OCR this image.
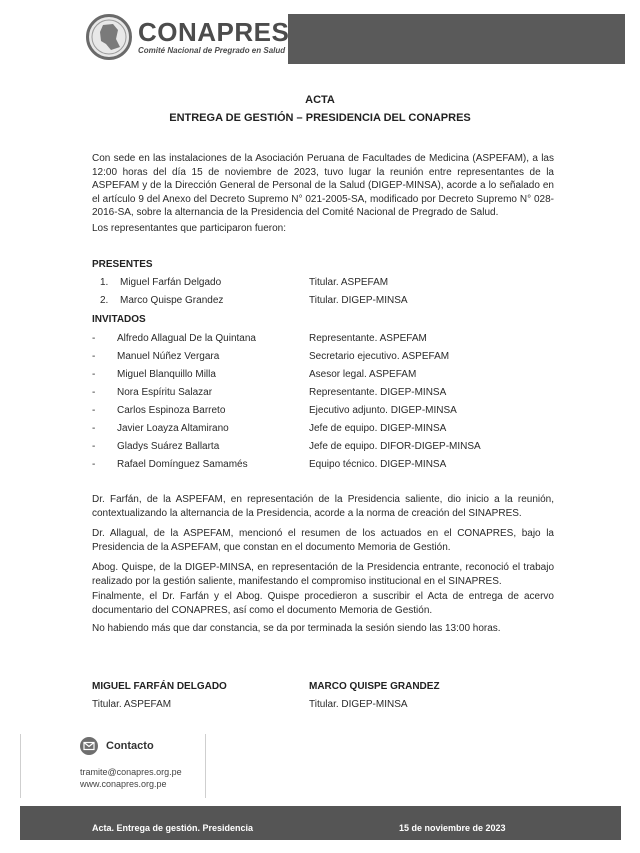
CONAPRES
Comité Nacional de Pregrado en Salud
ACTA
ENTREGA DE GESTIÓN – PRESIDENCIA DEL CONAPRES
Con sede en las instalaciones de la Asociación Peruana de Facultades de Medicina (ASPEFAM), a las 12:00 horas del día 15 de noviembre de 2023, tuvo lugar la reunión entre representantes de la ASPEFAM y de la Dirección General de Personal de la Salud (DIGEP-MINSA), acorde a lo señalado en el artículo 9 del Anexo del Decreto Supremo N° 021-2005-SA, modificado por Decreto Supremo N° 028-2016-SA, sobre la alternancia de la Presidencia del Comité Nacional de Pregrado de Salud.
Los representantes que participaron fueron:
PRESENTES
1.	Miguel Farfán Delgado	Titular. ASPEFAM
2.	Marco Quispe Grandez	Titular. DIGEP-MINSA
INVITADOS
-	Alfredo Allagual De la Quintana	Representante. ASPEFAM
-	Manuel Núñez Vergara	Secretario ejecutivo. ASPEFAM
-	Miguel Blanquillo Milla	Asesor legal. ASPEFAM
-	Nora Espíritu Salazar	Representante. DIGEP-MINSA
-	Carlos Espinoza Barreto	Ejecutivo adjunto. DIGEP-MINSA
-	Javier Loayza Altamirano	Jefe de equipo. DIGEP-MINSA
-	Gladys Suárez Ballarta	Jefe de equipo. DIFOR-DIGEP-MINSA
-	Rafael Domínguez Samamés	Equipo técnico. DIGEP-MINSA
Dr. Farfán, de la ASPEFAM, en representación de la Presidencia saliente, dio inicio a la reunión, contextualizando la alternancia de la Presidencia, acorde a la norma de creación del SINAPRES.
Dr. Allagual, de la ASPEFAM, mencionó el resumen de los actuados en el CONAPRES, bajo la Presidencia de la ASPEFAM, que constan en el documento Memoria de Gestión.
Abog. Quispe, de la DIGEP-MINSA, en representación de la Presidencia entrante, reconoció el trabajo realizado por la gestión saliente, manifestando el compromiso institucional en el SINAPRES.
Finalmente, el Dr. Farfán y el Abog. Quispe procedieron a suscribir el Acta de entrega de acervo documentario del CONAPRES, así como el documento Memoria de Gestión.
No habiendo más que dar constancia, se da por terminada la sesión siendo las 13:00 horas.
MIGUEL FARFÁN DELGADO
Titular. ASPEFAM
MARCO QUISPE GRANDEZ
Titular. DIGEP-MINSA
Contacto
tramite@conapres.org.pe
www.conapres.org.pe
Acta. Entrega de gestión. Presidencia	15 de noviembre de 2023
